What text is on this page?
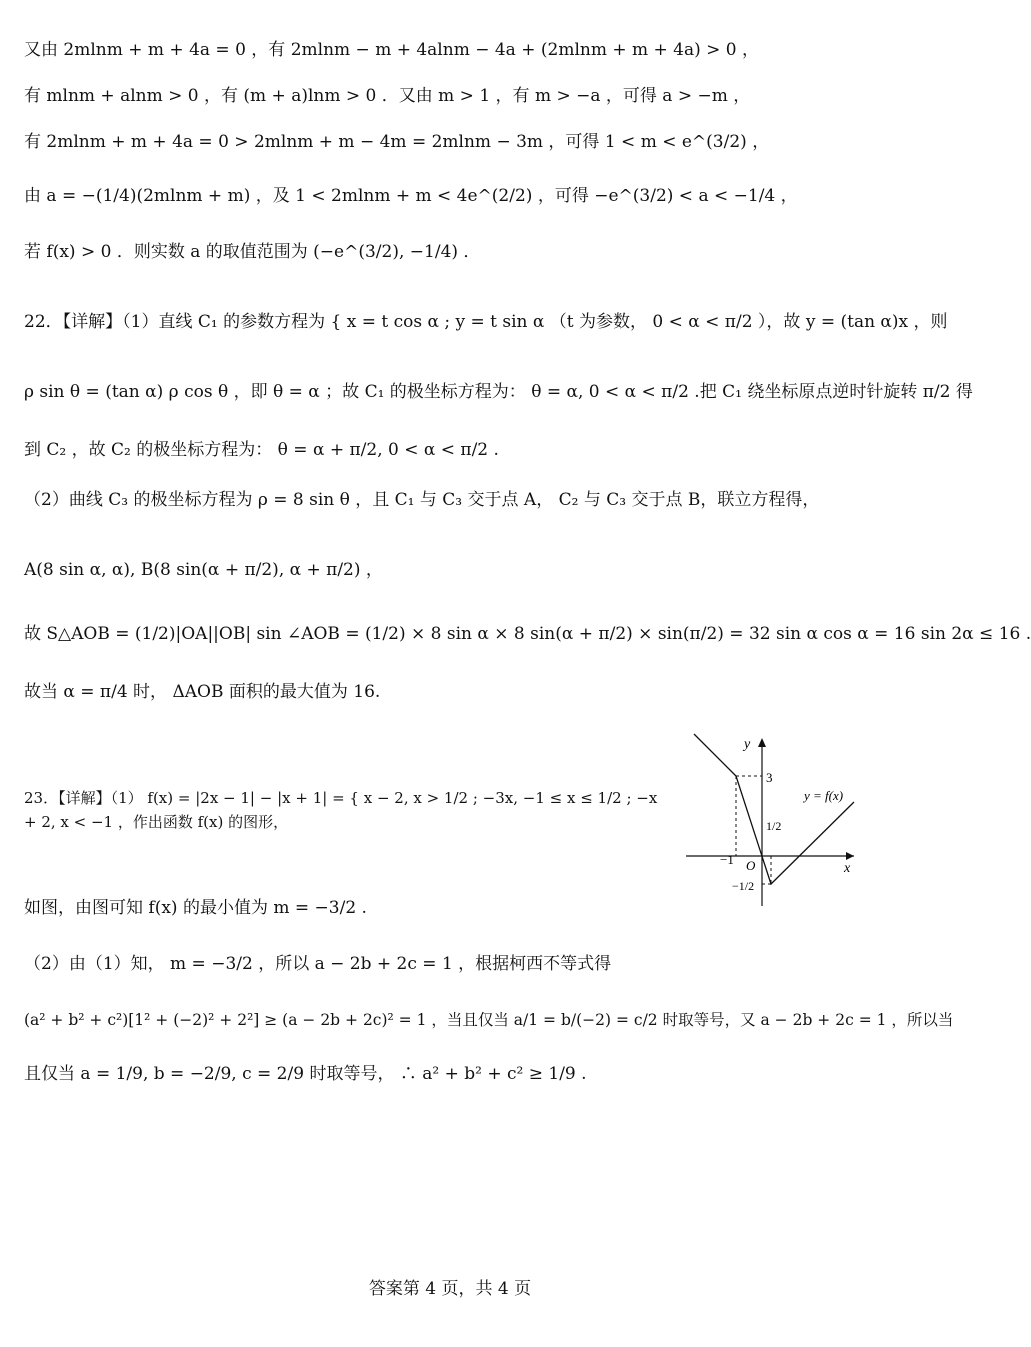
又由 2mlnm + m + 4a = 0 ，有 2mlnm − m + 4alnm − 4a + (2mlnm + m + 4a) > 0 ，
有 mlnm + alnm > 0 ，有 (m + a)lnm > 0 ．又由 m > 1 ，有 m > −a ，可得 a > −m ，
有 2mlnm + m + 4a = 0 > 2mlnm + m − 4m = 2mlnm − 3m ，可得 1 < m < e^(3/2) ，
由 a = −(1/4)(2mlnm + m) ，及 1 < 2mlnm + m < 4e^(2/2) ，可得 −e^(3/2) < a < −1/4 ，
若 f(x) > 0 ．则实数 a 的取值范围为 (−e^(3/2), −1/4) ．
22．【详解】（1）直线 C₁ 的参数方程为 { x = t cos α ; y = t sin α （t 为参数， 0 < α < π/2 ），故 y = (tan α)x ，则
ρ sin θ = (tan α) ρ cos θ ，即 θ = α ；故 C₁ 的极坐标方程为： θ = α, 0 < α < π/2 .把 C₁ 绕坐标原点逆时针旋转 π/2 得
到 C₂ ，故 C₂ 的极坐标方程为： θ = α + π/2, 0 < α < π/2 .
（2）曲线 C₃ 的极坐标方程为 ρ = 8 sin θ ，且 C₁ 与 C₃ 交于点 A， C₂ 与 C₃ 交于点 B，联立方程得，
A(8 sin α, α), B(8 sin(α + π/2), α + π/2) ，
故 S△AOB = (1/2)|OA||OB| sin ∠AOB = (1/2) × 8 sin α × 8 sin(α + π/2) × sin(π/2) = 32 sin α cos α = 16 sin 2α ≤ 16 .
故当 α = π/4 时， ΔAOB 面积的最大值为 16.
23．【详解】（1） f(x) = |2x − 1| − |x + 1| = { x − 2, x > 1/2 ; −3x, −1 ≤ x ≤ 1/2 ; −x + 2, x < −1 ，作出函数 f(x) 的图形，
如图，由图可知 f(x) 的最小值为 m = −3/2 .
（2）由（1）知， m = −3/2 ，所以 a − 2b + 2c = 1 ，根据柯西不等式得
(a² + b² + c²)[1² + (−2)² + 2²] ≥ (a − 2b + 2c)² = 1 ，当且仅当 a/1 = b/(−2) = c/2 时取等号，又 a − 2b + 2c = 1 ，所以当
且仅当 a = 1/9, b = −2/9, c = 2/9 时取等号， ∴ a² + b² + c² ≥ 1/9 .
y
x
O
y = f(x)
3
1/2
−1
−1/2
答案第 4 页，共 4 页
